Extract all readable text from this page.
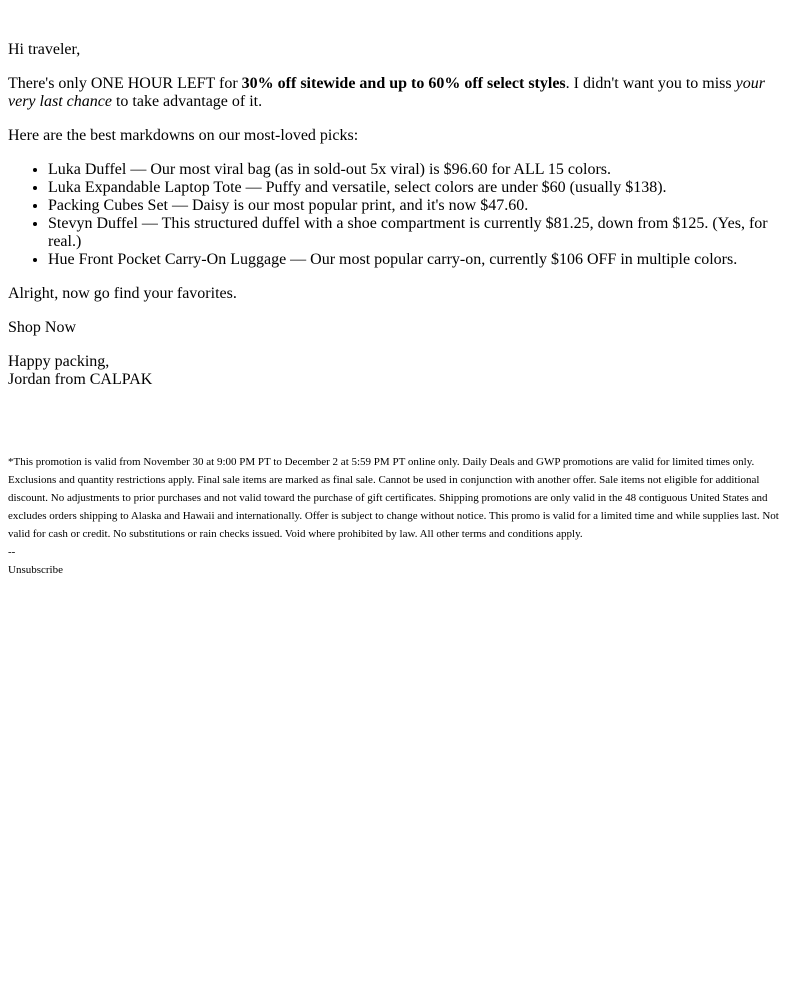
Hi traveler,

There's only ONE HOUR LEFT for 30% off sitewide and up to 60% off select styles. I didn't want you to miss your very last chance to take advantage of it.

Here are the best markdowns on our most-loved picks:

• Luka Duffel — Our most viral bag (as in sold-out 5x viral) is $96.60 for ALL 15 colors.
• Luka Expandable Laptop Tote — Puffy and versatile, select colors are under $60 (usually $138).
• Packing Cubes Set — Daisy is our most popular print, and it's now $47.60.
• Stevyn Duffel — This structured duffel with a shoe compartment is currently $81.25, down from $125. (Yes, for real.)
• Hue Front Pocket Carry-On Luggage — Our most popular carry-on, currently $106 OFF in multiple colors.

Alright, now go find your favorites.

Shop Now

Happy packing,
Jordan from CALPAK

*This promotion is valid from November 30 at 9:00 PM PT to December 2 at 5:59 PM PT online only. Daily Deals and GWP promotions are valid for limited times only. Exclusions and quantity restrictions apply. Final sale items are marked as final sale. Cannot be used in conjunction with another offer. Sale items not eligible for additional discount. No adjustments to prior purchases and not valid toward the purchase of gift certificates. Shipping promotions are only valid in the 48 contiguous United States and excludes orders shipping to Alaska and Hawaii and internationally. Offer is subject to change without notice. This promo is valid for a limited time and while supplies last. Not valid for cash or credit. No substitutions or rain checks issued. Void where prohibited by law. All other terms and conditions apply.

--

Unsubscribe
